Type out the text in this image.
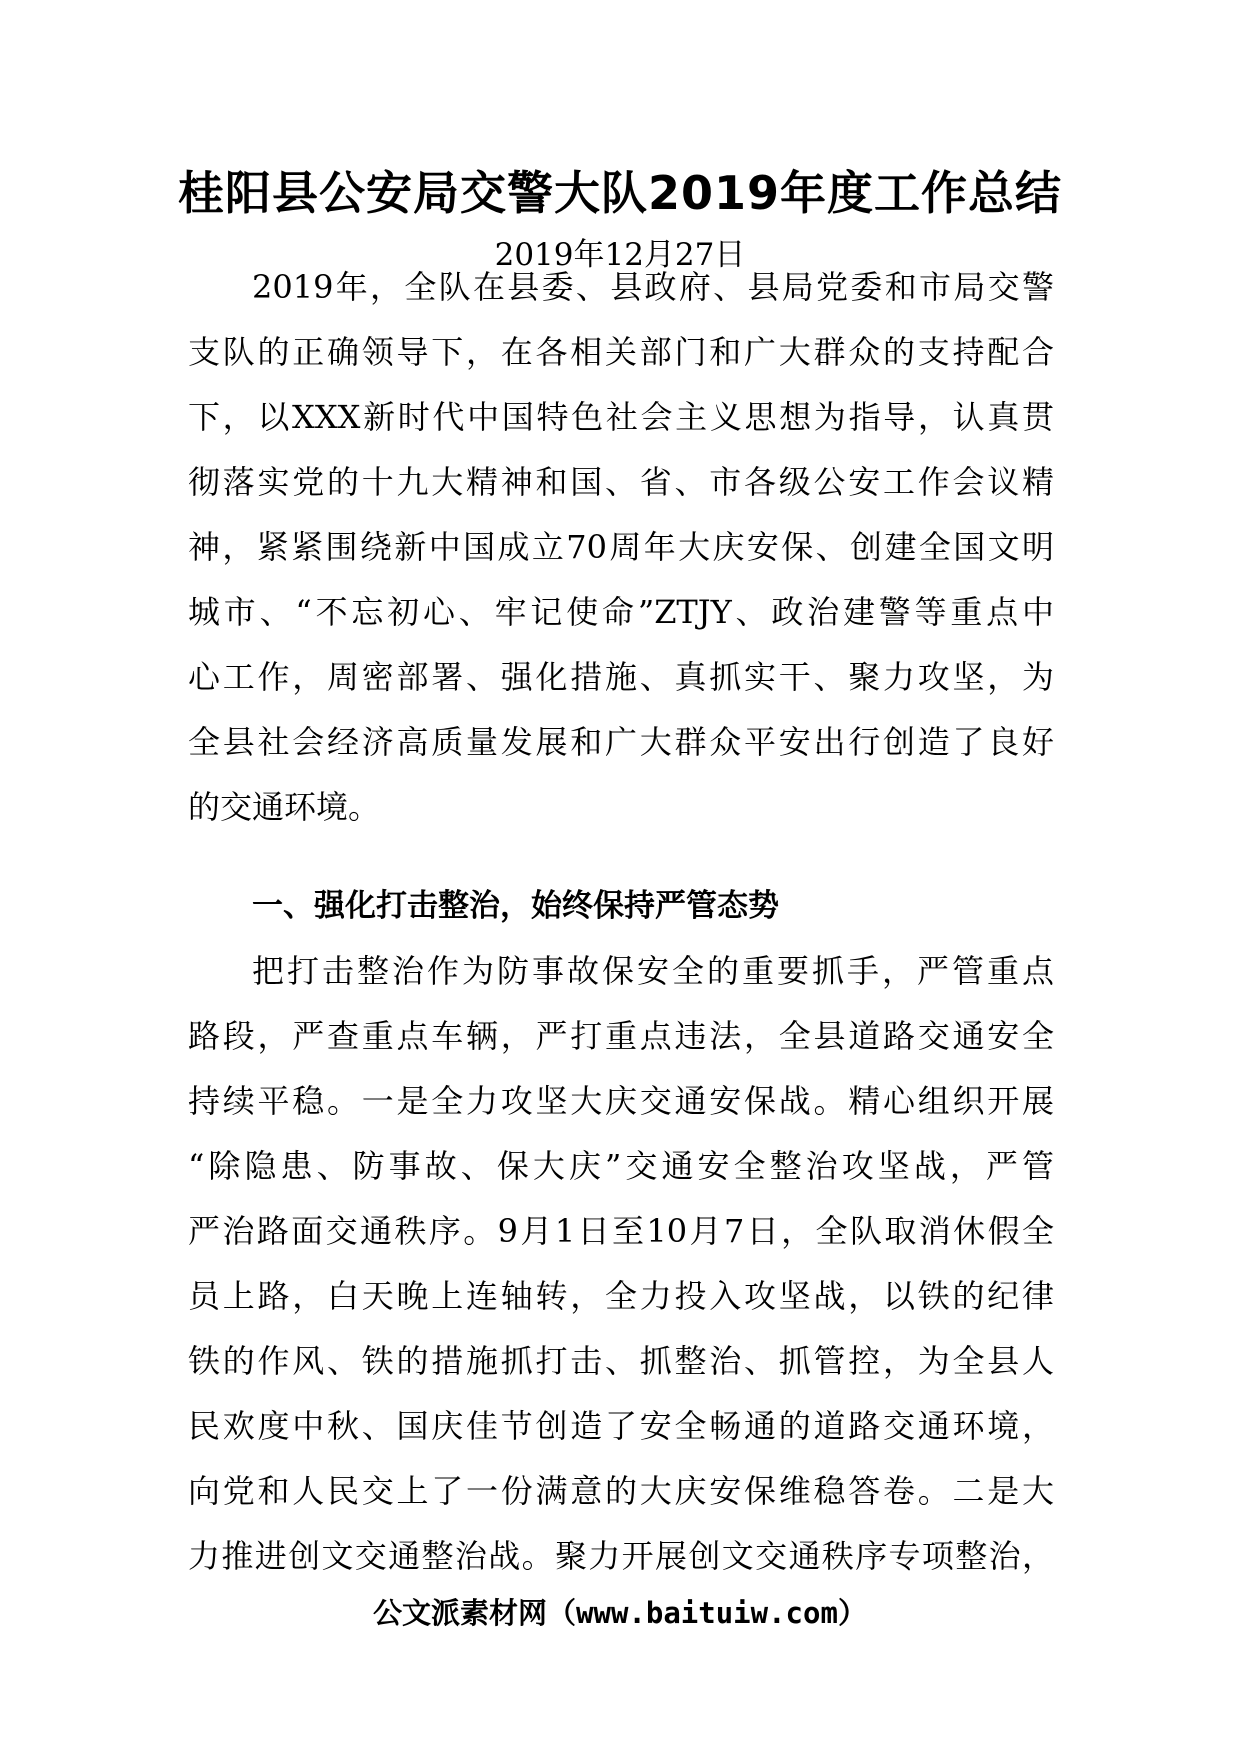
桂阳县公安局交警大队2019年度工作总结

2019年12月27日

2019年，全队在县委、县政府、县局党委和市局交警
支队的正确领导下，在各相关部门和广大群众的支持配合
下，以XXX新时代中国特色社会主义思想为指导，认真贯
彻落实党的十九大精神和国、省、市各级公安工作会议精
神，紧紧围绕新中国成立70周年大庆安保、创建全国文明
城市、“不忘初心、牢记使命”ZTJY、政治建警等重点中
心工作，周密部署、强化措施、真抓实干、聚力攻坚，为
全县社会经济高质量发展和广大群众平安出行创造了良好
的交通环境。
一、强化打击整治，始终保持严管态势
把打击整治作为防事故保安全的重要抓手，严管重点
路段，严查重点车辆，严打重点违法，全县道路交通安全
持续平稳。一是全力攻坚大庆交通安保战。精心组织开展
“除隐患、防事故、保大庆”交通安全整治攻坚战，严管
严治路面交通秩序。9月1日至10月7日，全队取消休假全
员上路，白天晚上连轴转，全力投入攻坚战，以铁的纪律
铁的作风、铁的措施抓打击、抓整治、抓管控，为全县人
民欢度中秋、国庆佳节创造了安全畅通的道路交通环境，
向党和人民交上了一份满意的大庆安保维稳答卷。二是大
力推进创文交通整治战。聚力开展创文交通秩序专项整治，

公文派素材网（www.baituiw.com）
